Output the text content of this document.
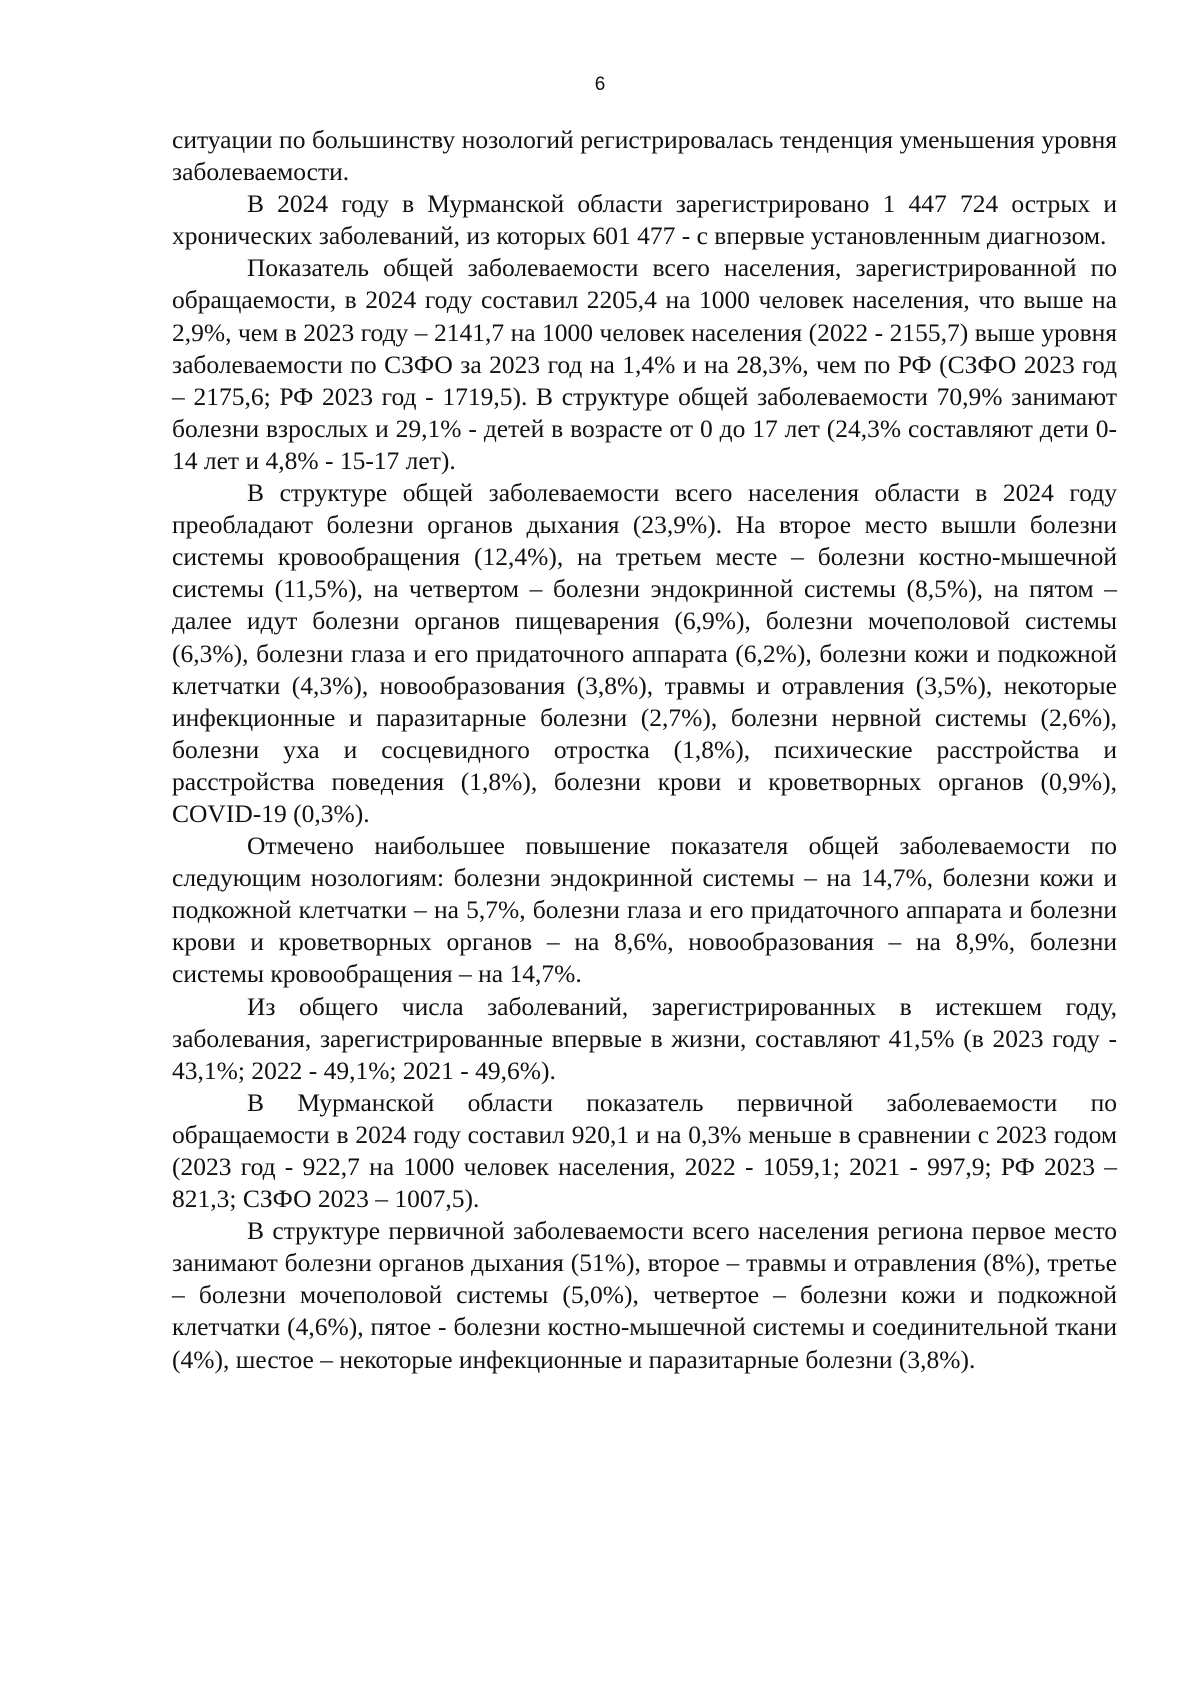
6

ситуации по большинству нозологий регистрировалась тенденция уменьшения уровня заболеваемости.

В 2024 году в Мурманской области зарегистрировано 1 447 724 острых и хронических заболеваний, из которых 601 477 - с впервые установленным диагнозом.

Показатель общей заболеваемости всего населения, зарегистрированной по обращаемости, в 2024 году составил 2205,4 на 1000 человек населения, что выше на 2,9%, чем в 2023 году – 2141,7 на 1000 человек населения (2022 - 2155,7) выше уровня заболеваемости по СЗФО за 2023 год на 1,4% и на 28,3%, чем по РФ (СЗФО 2023 год – 2175,6; РФ 2023 год - 1719,5). В структуре общей заболеваемости 70,9% занимают болезни взрослых и 29,1% - детей в возрасте от 0 до 17 лет (24,3% составляют дети 0-14 лет и 4,8% - 15-17 лет).

В структуре общей заболеваемости всего населения области в 2024 году преобладают болезни органов дыхания (23,9%). На второе место вышли болезни системы кровообращения (12,4%), на третьем месте – болезни костно-мышечной системы (11,5%), на четвертом – болезни эндокринной системы (8,5%), на пятом – далее идут болезни органов пищеварения (6,9%), болезни мочеполовой системы (6,3%), болезни глаза и его придаточного аппарата (6,2%), болезни кожи и подкожной клетчатки (4,3%), новообразования (3,8%), травмы и отравления (3,5%), некоторые инфекционные и паразитарные болезни (2,7%), болезни нервной системы (2,6%), болезни уха и сосцевидного отростка (1,8%), психические расстройства и расстройства поведения (1,8%), болезни крови и кроветворных органов (0,9%), COVID-19 (0,3%).

Отмечено наибольшее повышение показателя общей заболеваемости по следующим нозологиям: болезни эндокринной системы – на 14,7%, болезни кожи и подкожной клетчатки – на 5,7%, болезни глаза и его придаточного аппарата и болезни крови и кроветворных органов – на 8,6%, новообразования – на 8,9%, болезни системы кровообращения – на 14,7%.

Из общего числа заболеваний, зарегистрированных в истекшем году, заболевания, зарегистрированные впервые в жизни, составляют 41,5% (в 2023 году - 43,1%; 2022 - 49,1%; 2021 - 49,6%).

В Мурманской области показатель первичной заболеваемости по обращаемости в 2024 году составил 920,1 и на 0,3% меньше в сравнении с 2023 годом (2023 год - 922,7 на 1000 человек населения, 2022 - 1059,1; 2021 - 997,9; РФ 2023 – 821,3; СЗФО 2023 – 1007,5).

В структуре первичной заболеваемости всего населения региона первое место занимают болезни органов дыхания (51%), второе – травмы и отравления (8%), третье – болезни мочеполовой системы (5,0%), четвертое – болезни кожи и подкожной клетчатки (4,6%), пятое - болезни костно-мышечной системы и соединительной ткани (4%), шестое – некоторые инфекционные и паразитарные болезни (3,8%).
